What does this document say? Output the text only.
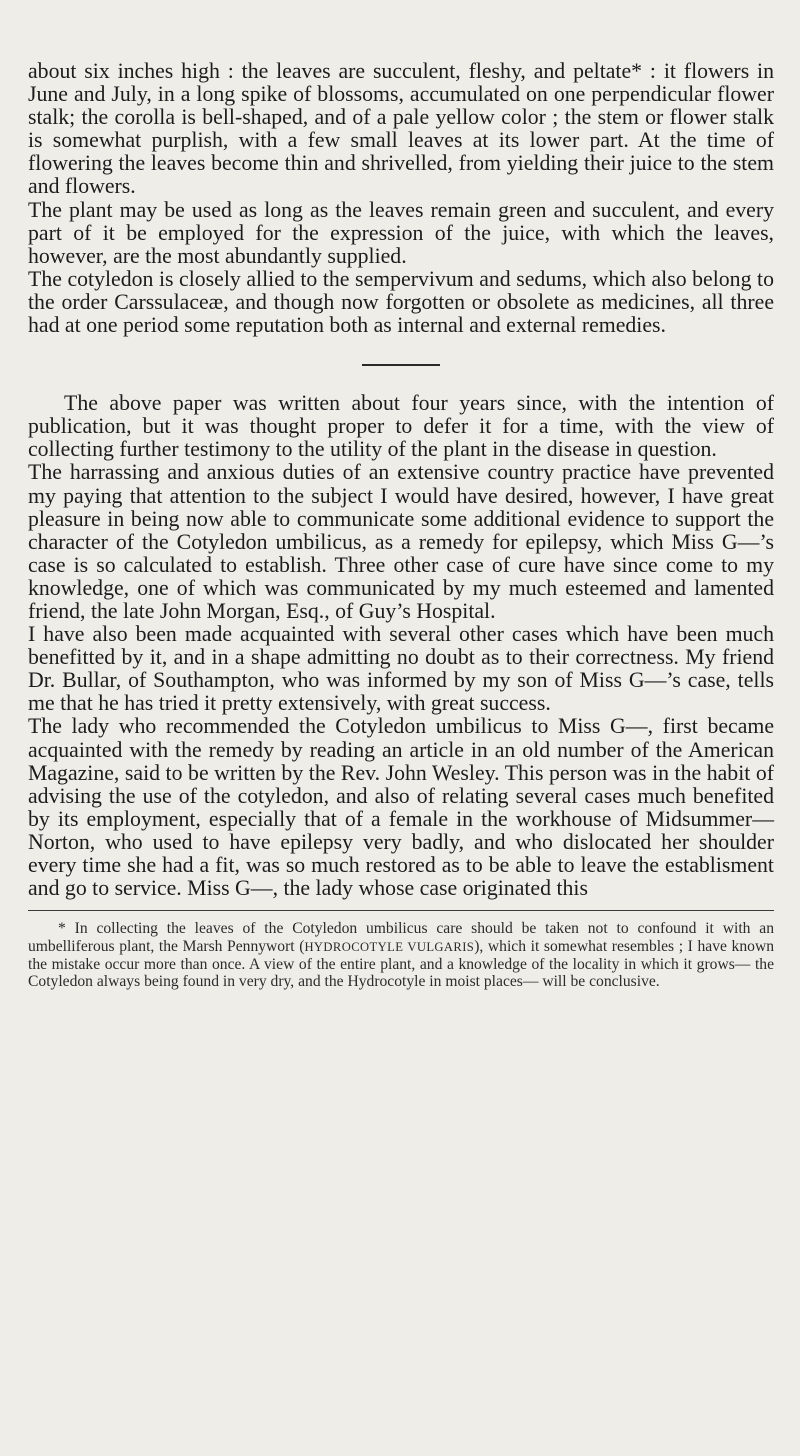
about six inches high : the leaves are succulent, fleshy, and peltate* : it flowers in June and July, in a long spike of blossoms, accumulated on one perpendicular flower stalk; the corolla is bell-shaped, and of a pale yellow color ; the stem or flower stalk is somewhat purplish, with a few small leaves at its lower part. At the time of flowering the leaves become thin and shrivelled, from yielding their juice to the stem and flowers.

The plant may be used as long as the leaves remain green and succulent, and every part of it be employed for the expression of the juice, with which the leaves, however, are the most abundantly supplied.

The cotyledon is closely allied to the sempervivum and sedums, which also belong to the order Carssulaceæ, and though now forgotten or obsolete as medicines, all three had at one period some reputation both as internal and external remedies.

The above paper was written about four years since, with the intention of publication, but it was thought proper to defer it for a time, with the view of collecting further testimony to the utility of the plant in the disease in question.

The harrassing and anxious duties of an extensive country practice have prevented my paying that attention to the subject I would have desired, however, I have great pleasure in being now able to communicate some additional evidence to support the character of the Cotyledon umbilicus, as a remedy for epilepsy, which Miss G—’s case is so calculated to establish. Three other case of cure have since come to my knowledge, one of which was communicated by my much esteemed and lamented friend, the late John Morgan, Esq., of Guy’s Hospital.

I have also been made acquainted with several other cases which have been much benefitted by it, and in a shape admitting no doubt as to their correctness. My friend Dr. Bullar, of Southampton, who was informed by my son of Miss G—’s case, tells me that he has tried it pretty extensively, with great success.

The lady who recommended the Cotyledon umbilicus to Miss G—, first became acquainted with the remedy by reading an article in an old number of the American Magazine, said to be written by the Rev. John Wesley. This person was in the habit of advising the use of the cotyledon, and also of relating several cases much benefited by its employment, especially that of a female in the workhouse of Midsummer—Norton, who used to have epilepsy very badly, and who dislocated her shoulder every time she had a fit, was so much restored as to be able to leave the establisment and go to service. Miss G—, the lady whose case originated this

* In collecting the leaves of the Cotyledon umbilicus care should be taken not to confound it with an umbelliferous plant, the Marsh Pennywort (HYDROCOTYLE VULGARIS), which it somewhat resembles ; I have known the mistake occur more than once. A view of the entire plant, and a knowledge of the locality in which it grows— the Cotyledon always being found in very dry, and the Hydrocotyle in moist places— will be conclusive.
